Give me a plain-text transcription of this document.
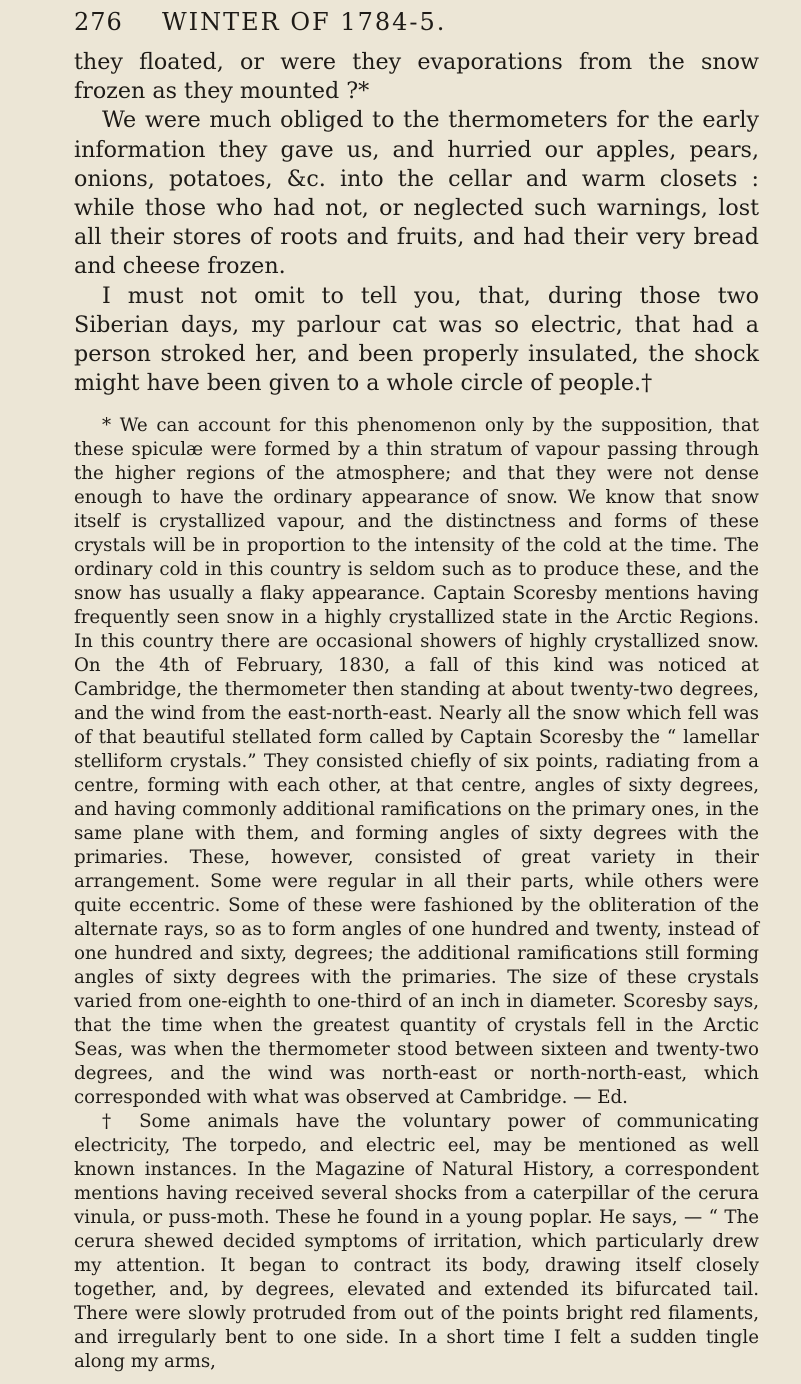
276	WINTER OF 1784-5.

they floated, or were they evaporations from the snow frozen as they mounted ?*

We were much obliged to the thermometers for the early information they gave us, and hurried our apples, pears, onions, potatoes, &c. into the cellar and warm closets : while those who had not, or neglected such warnings, lost all their stores of roots and fruits, and had their very bread and cheese frozen.

I must not omit to tell you, that, during those two Siberian days, my parlour cat was so electric, that had a person stroked her, and been properly insulated, the shock might have been given to a whole circle of people.†

* We can account for this phenomenon only by the supposition, that these spiculæ were formed by a thin stratum of vapour passing through the higher regions of the atmosphere; and that they were not dense enough to have the ordinary appearance of snow. We know that snow itself is crystallized vapour, and the distinctness and forms of these crystals will be in proportion to the intensity of the cold at the time. The ordinary cold in this country is seldom such as to produce these, and the snow has usually a flaky appearance. Captain Scoresby mentions having frequently seen snow in a highly crystallized state in the Arctic Regions. In this country there are occasional showers of highly crystallized snow. On the 4th of February, 1830, a fall of this kind was noticed at Cambridge, the thermometer then standing at about twenty-two degrees, and the wind from the east-north-east. Nearly all the snow which fell was of that beautiful stellated form called by Captain Scoresby the “ lamellar stelliform crystals.” They consisted chiefly of six points, radiating from a centre, forming with each other, at that centre, angles of sixty degrees, and having commonly additional ramifications on the primary ones, in the same plane with them, and forming angles of sixty degrees with the primaries. These, however, consisted of great variety in their arrangement. Some were regular in all their parts, while others were quite eccentric. Some of these were fashioned by the obliteration of the alternate rays, so as to form angles of one hundred and twenty, instead of one hundred and sixty, degrees; the additional ramifications still forming angles of sixty degrees with the primaries. The size of these crystals varied from one-eighth to one-third of an inch in diameter. Scoresby says, that the time when the greatest quantity of crystals fell in the Arctic Seas, was when the thermometer stood between sixteen and twenty-two degrees, and the wind was north-east or north-north-east, which corresponded with what was observed at Cambridge. — Ed.

† Some animals have the voluntary power of communicating electricity, The torpedo, and electric eel, may be mentioned as well known instances. In the Magazine of Natural History, a correspondent mentions having received several shocks from a caterpillar of the cerura vinula, or puss-moth. These he found in a young poplar. He says, — “ The cerura shewed decided symptoms of irritation, which particularly drew my attention. It began to contract its body, drawing itself closely together, and, by degrees, elevated and extended its bifurcated tail. There were slowly protruded from out of the points bright red filaments, and irregularly bent to one side. In a short time I felt a sudden tingle along my arms,
